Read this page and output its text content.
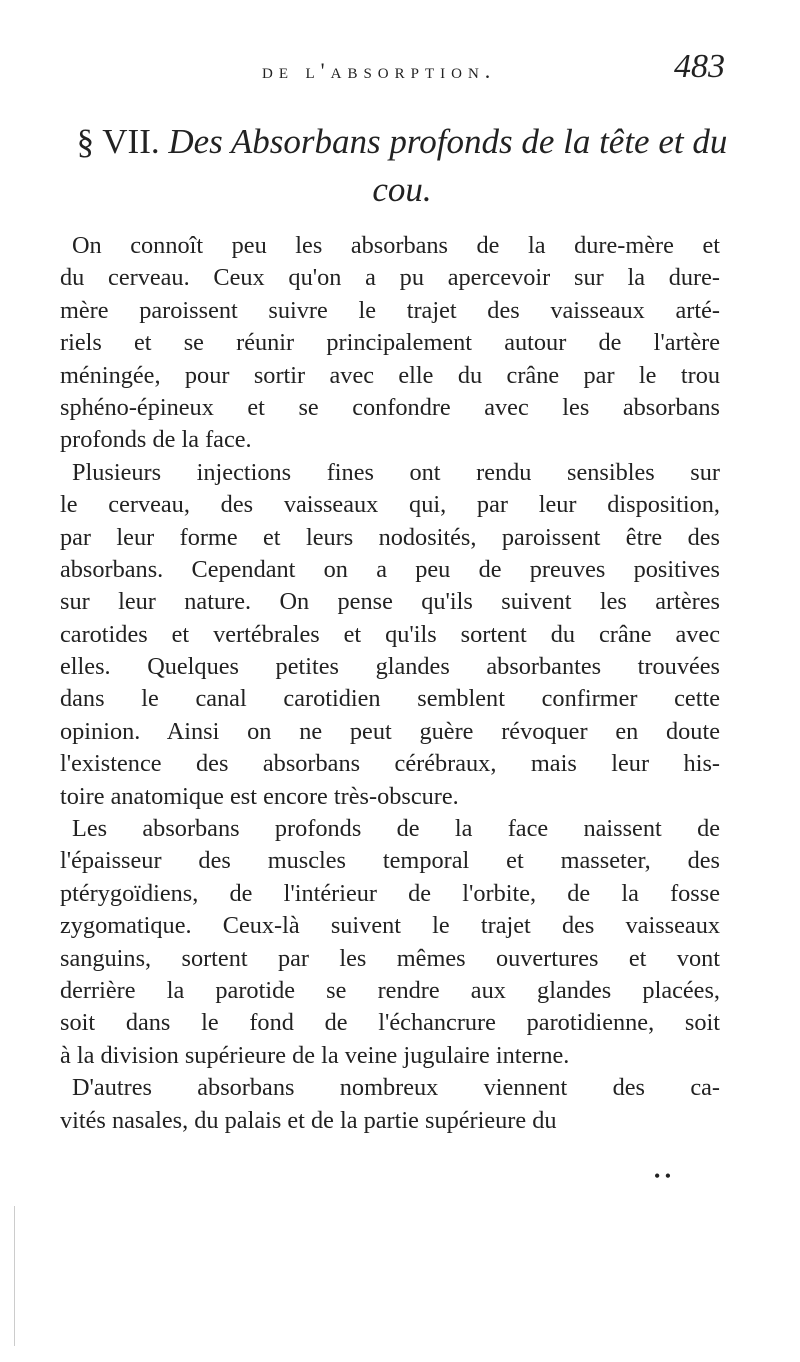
de l'absorption.	483
§ VII. Des Absorbans profonds de la tête et du cou.
On connoît peu les absorbans de la dure-mère et
du cerveau. Ceux qu'on a pu apercevoir sur la dure-
mère paroissent suivre le trajet des vaisseaux arté-
riels et se réunir principalement autour de l'artère
méningée, pour sortir avec elle du crâne par le trou
sphéno-épineux et se confondre avec les absorbans
profonds de la face.
Plusieurs injections fines ont rendu sensibles sur
le cerveau, des vaisseaux qui, par leur disposition,
par leur forme et leurs nodosités, paroissent être des
absorbans. Cependant on a peu de preuves positives
sur leur nature. On pense qu'ils suivent les artères
carotides et vertébrales et qu'ils sortent du crâne avec
elles. Quelques petites glandes absorbantes trouvées
dans le canal carotidien semblent confirmer cette
opinion. Ainsi on ne peut guère révoquer en doute
l'existence des absorbans cérébraux, mais leur his-
toire anatomique est encore très-obscure.
Les absorbans profonds de la face naissent de
l'épaisseur des muscles temporal et masseter, des
ptérygoïdiens, de l'intérieur de l'orbite, de la fosse
zygomatique. Ceux-là suivent le trajet des vaisseaux
sanguins, sortent par les mêmes ouvertures et vont
derrière la parotide se rendre aux glandes placées,
soit dans le fond de l'échancrure parotidienne, soit
à la division supérieure de la veine jugulaire interne.
D'autres absorbans nombreux viennent des ca-
vités nasales, du palais et de la partie supérieure du
• •
